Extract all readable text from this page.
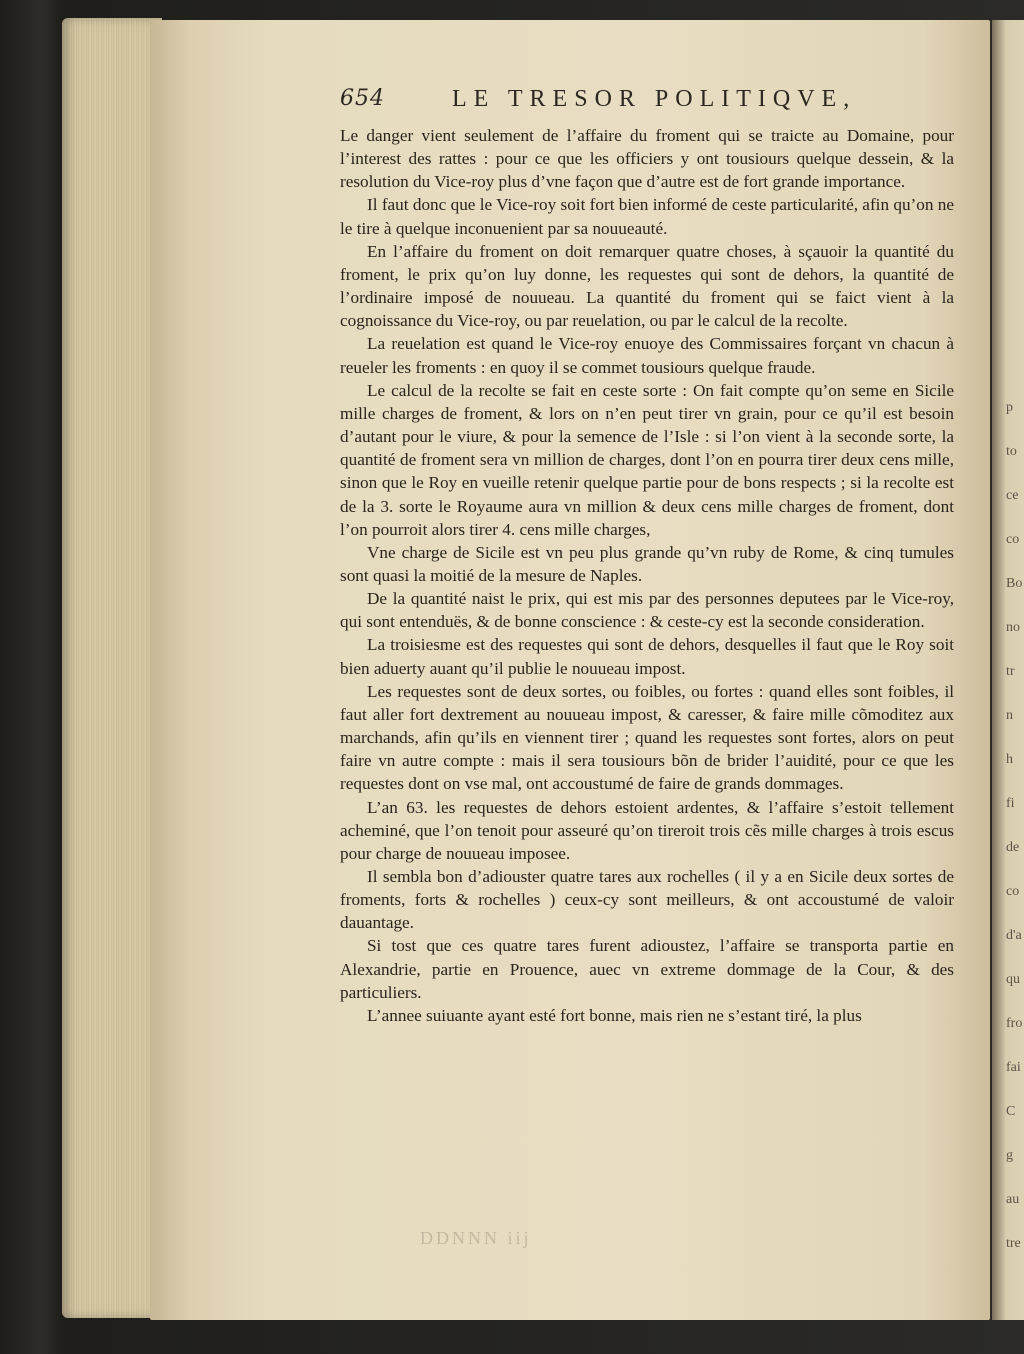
p
to
ce
co
Bo
no
tr
n
h
fi
de
co
d'a
qu
fro
fai
C
g
au
tre
654	LE TRESOR POLITIQVE,

Le danger vient seulement de l’affaire du froment qui se traicte au Domaine, pour l’interest des rattes : pour ce que les officiers y ont tousiours quelque dessein, & la resolution du Vice-roy plus d’vne façon que d’autre est de fort grande importance.

Il faut donc que le Vice-roy soit fort bien informé de ceste particularité, afin qu’on ne le tire à quelque inconuenient par sa nouueauté.

En l’affaire du froment on doit remarquer quatre choses, à sçauoir la quantité du froment, le prix qu’on luy donne, les requestes qui sont de dehors, la quantité de l’ordinaire imposé de nouueau. La quantité du froment qui se faict vient à la cognoissance du Vice-roy, ou par reuelation, ou par le calcul de la recolte.

La reuelation est quand le Vice-roy enuoye des Commissaires forçant vn chacun à reueler les froments : en quoy il se commet tousiours quelque fraude.

Le calcul de la recolte se fait en ceste sorte : On fait compte qu’on seme en Sicile mille charges de froment, & lors on n’en peut tirer vn grain, pour ce qu’il est besoin d’autant pour le viure, & pour la semence de l’Isle : si l’on vient à la seconde sorte, la quantité de froment sera vn million de charges, dont l’on en pourra tirer deux cens mille, sinon que le Roy en vueille retenir quelque partie pour de bons respects ; si la recolte est de la 3. sorte le Royaume aura vn million & deux cens mille charges de froment, dont l’on pourroit alors tirer 4. cens mille charges,

Vne charge de Sicile est vn peu plus grande qu’vn ruby de Rome, & cinq tumules sont quasi la moitié de la mesure de Naples.

De la quantité naist le prix, qui est mis par des personnes deputees par le Vice-roy, qui sont entenduës, & de bonne conscience : & ceste-cy est la seconde consideration.

La troisiesme est des requestes qui sont de dehors, desquelles il faut que le Roy soit bien aduerty auant qu’il publie le nouueau impost.

Les requestes sont de deux sortes, ou foibles, ou fortes : quand elles sont foibles, il faut aller fort dextrement au nouueau impost, & caresser, & faire mille cõmoditez aux marchands, afin qu’ils en viennent tirer ; quand les requestes sont fortes, alors on peut faire vn autre compte : mais il sera tousiours bõn de brider l’auidité, pour ce que les requestes dont on vse mal, ont accoustumé de faire de grands dommages.

L’an 63. les requestes de dehors estoient ardentes, & l’affaire s’estoit tellement acheminé, que l’on tenoit pour asseuré qu’on tireroit trois cẽs mille charges à trois escus pour charge de nouueau imposee.

Il sembla bon d’adiouster quatre tares aux rochelles ( il y a en Sicile deux sortes de froments, forts & rochelles ) ceux-cy sont meilleurs, & ont accoustumé de valoir dauantage.

Si tost que ces quatre tares furent adioustez, l’affaire se transporta partie en Alexandrie, partie en Prouence, auec vn extreme dommage de la Cour, & des particuliers.

L’annee suiuante ayant esté fort bonne, mais rien ne s’estant tiré, la plus

DDNNN iij
